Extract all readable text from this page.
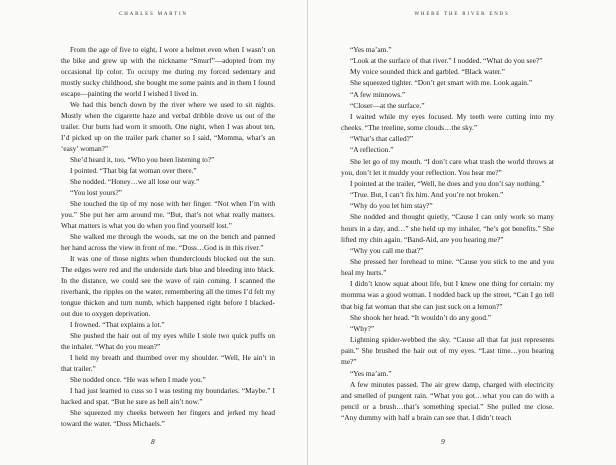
CHARLES MARTIN

From the age of five to eight, I wore a helmet even when I wasn’t on the bike and grew up with the nickname “Smurf”—adopted from my occasional lip color. To occupy me during my forced sedentary and mostly sucky childhood, she bought me some paints and in them I found escape—painting the world I wished I lived in.

We had this bench down by the river where we used to sit nights. Mostly when the cigarette haze and verbal dribble drove us out of the trailer. Our butts had worn it smooth. One night, when I was about ten, I’d picked up on the trailer park chatter so I said, “Momma, what’s an ‘easy’ woman?”

She’d heard it, too. “Who you been listening to?”

I pointed. “That big fat woman over there.”

She nodded. “Honey…we all lose our way.”

“You lost yours?”

She touched the tip of my nose with her finger. “Not when I’m with you.” She put her arm around me. “But, that’s not what really matters. What matters is what you do when you find yourself lost.”

She walked me through the woods, sat me on the bench and panned her hand across the view in front of me. “Doss…God is in this river.”

It was one of those nights when thunderclouds blocked out the sun. The edges were red and the underside dark blue and bleeding into black. In the distance, we could see the wave of rain coming. I scanned the riverbank, the ripples on the water, remembering all the times I’d felt my tongue thicken and turn numb, which happened right before I blacked-out due to oxygen deprivation.

I frowned. “That explains a lot.”

She pushed the hair out of my eyes while I stole two quick puffs on the inhaler. “What do you mean?”

I held my breath and thumbed over my shoulder. “Well, He ain’t in that trailer.”

She nodded once. “He was when I made you.”

I had just learned to cuss so I was testing my boundaries. “Maybe.” I hacked and spat. “But he sure as hell ain’t now.”

She squeezed my cheeks between her fingers and jerked my head toward the water. “Doss Michaels.”

8
WHERE THE RIVER ENDS

“Yes ma’am.”

“Look at the surface of that river.” I nodded. “What do you see?”

My voice sounded thick and garbled. “Black water.”

She squeezed tighter. “Don’t get smart with me. Look again.”

“A few minnows.”

“Closer—at the surface.”

I waited while my eyes focused. My teeth were cutting into my cheeks. “The treeline, some clouds…the sky.”

“What’s that called?”

“A reflection.”

She let go of my mouth. “I don’t care what trash the world throws at you, don’t let it muddy your reflection. You hear me?”

I pointed at the trailer, “Well, he does and you don’t say nothing.”

“True. But, I can’t fix him. And you’re not broken.”

“Why do you let him stay?”

She nodded and thought quietly, “Cause I can only work so many hours in a day, and…” she held up my inhaler, “he’s got benefits.” She lifted my chin again. “Band-Aid, are you hearing me?”

“Why you call me that?”

She pressed her forehead to mine. “Cause you stick to me and you heal my hurts.”

I didn’t know squat about life, but I knew one thing for certain: my momma was a good woman. I nodded back up the street, “Can I go tell that big fat woman that she can just suck on a lemon?”

She shook her head. “It wouldn’t do any good.”

“Why?”

Lightning spider-webbed the sky. “Cause all that fat just represents pain.” She brushed the hair out of my eyes. “Last time…you hearing me?”

“Yes ma’am.”

A few minutes passed. The air grew damp, charged with electricity and smelled of pungent rain. “What you got…what you can do with a pencil or a brush…that’s something special.” She pulled me close. “Any dummy with half a brain can see that. I didn’t teach

9
